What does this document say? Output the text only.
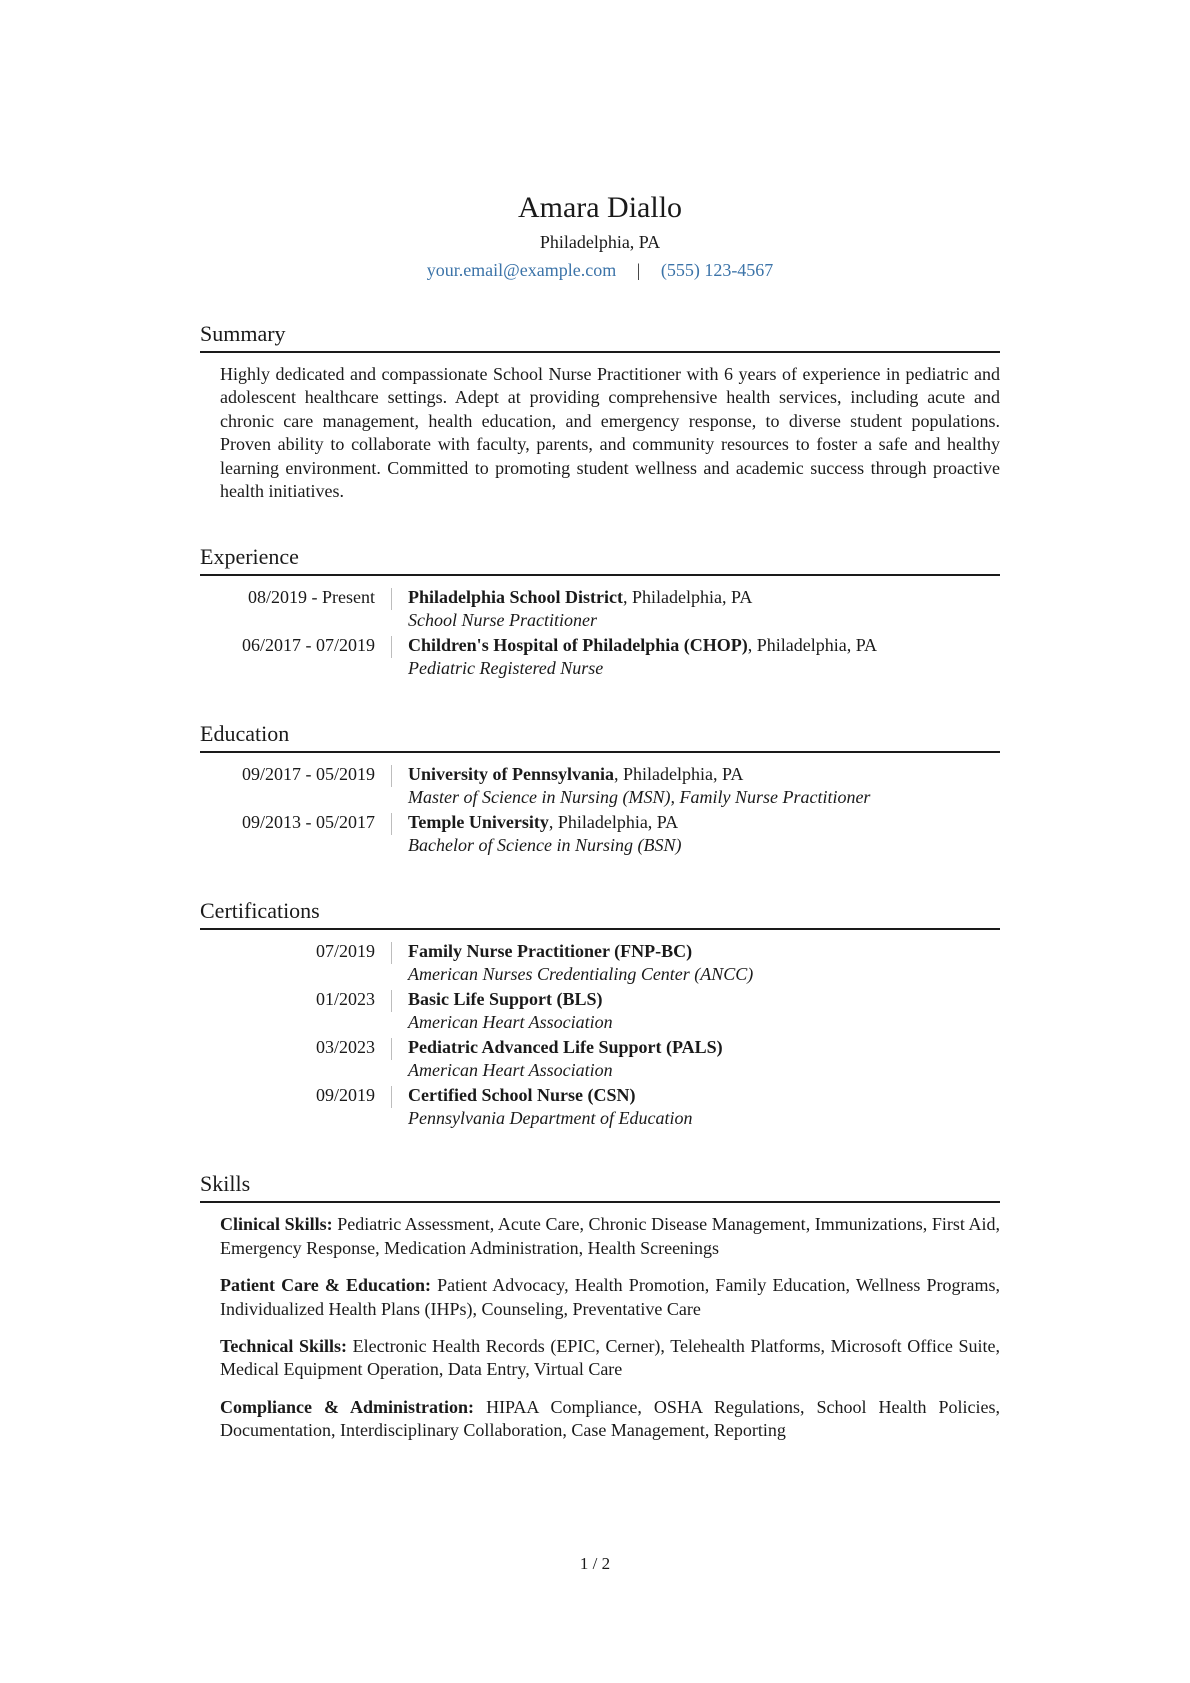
Amara Diallo
Philadelphia, PA
your.email@example.com | (555) 123-4567
Summary

Highly dedicated and compassionate School Nurse Practitioner with 6 years of experience in pediatric and adolescent healthcare settings. Adept at providing comprehensive health services, including acute and chronic care management, health education, and emergency response, to diverse student populations. Proven ability to collaborate with faculty, parents, and community resources to foster a safe and healthy learning environment. Committed to promoting student wellness and academic success through proactive health initiatives.

Experience
08/2019 - Present Philadelphia School District, Philadelphia, PA
School Nurse Practitioner
06/2017 - 07/2019 Children's Hospital of Philadelphia (CHOP), Philadelphia, PA
Pediatric Registered Nurse
Education
09/2017 - 05/2019 University of Pennsylvania, Philadelphia, PA
Master of Science in Nursing (MSN), Family Nurse Practitioner
09/2013 - 05/2017 Temple University, Philadelphia, PA
Bachelor of Science in Nursing (BSN)
Certifications
07/2019 Family Nurse Practitioner (FNP-BC)
American Nurses Credentialing Center (ANCC)
01/2023 Basic Life Support (BLS)
American Heart Association
03/2023 Pediatric Advanced Life Support (PALS)
American Heart Association
09/2019 Certified School Nurse (CSN)
Pennsylvania Department of Education
Skills
Clinical Skills: Pediatric Assessment, Acute Care, Chronic Disease Management, Immunizations, First Aid, Emergency Response, Medication Administration, Health Screenings
Patient Care & Education: Patient Advocacy, Health Promotion, Family Education, Wellness Programs, Individualized Health Plans (IHPs), Counseling, Preventative Care
Technical Skills: Electronic Health Records (EPIC, Cerner), Telehealth Platforms, Microsoft Office Suite, Medical Equipment Operation, Data Entry, Virtual Care
Compliance & Administration: HIPAA Compliance, OSHA Regulations, School Health Policies, Documentation, Interdisciplinary Collaboration, Case Management, Reporting
1 / 2
